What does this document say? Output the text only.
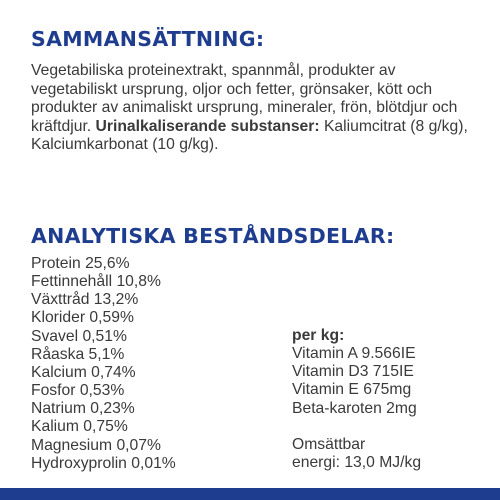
SAMMANSÄTTNING:
Vegetabiliska proteinextrakt, spannmål, produkter av vegetabiliskt ursprung, oljor och fetter, grönsaker, kött och produkter av animaliskt ursprung, mineraler, frön, blötdjur och kräftdjur. Urinalkaliserande substanser: Kaliumcitrat (8 g/kg), Kalciumkarbonat (10 g/kg).
ANALYTISKA BESTÅNDSDELAR:
Protein 25,6%
Fettinnehåll 10,8%
Växttråd 13,2%
Klorider 0,59%
Svavel 0,51%
Råaska 5,1%
Kalcium 0,74%
Fosfor 0,53%
Natrium 0,23%
Kalium 0,75%
Magnesium 0,07%
Hydroxyprolin 0,01%
per kg:
Vitamin A 9.566IE
Vitamin D3 715IE
Vitamin E 675mg
Beta-karoten 2mg
Omsättbar
energi: 13,0 MJ/kg
